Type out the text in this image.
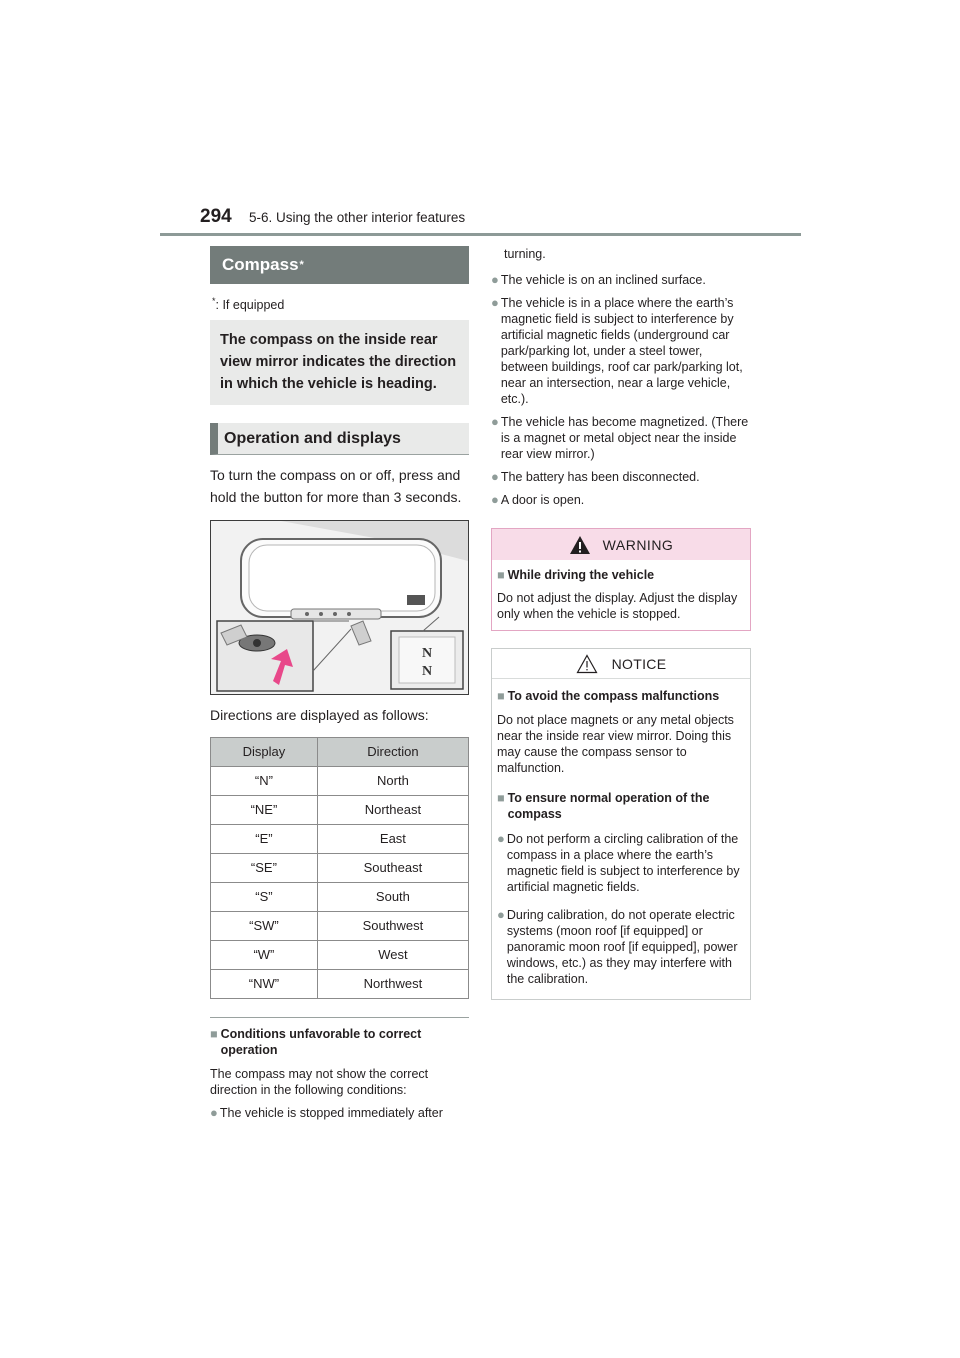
294 5-6. Using the other interior features
Compass *
*: If equipped
The compass on the inside rear view mirror indicates the direction in which the vehicle is heading.
Operation and displays

To turn the compass on or off, press and hold the button for more than 3 seconds.

N
N

Directions are displayed as follows:

Display	Direction
“N”	North
“NE”	Northeast
“E”	East
“SE”	Southeast
“S”	South
“SW”	Southwest
“W”	West
“NW”	Northwest
■ Conditions unfavorable to correct operation

The compass may not show the correct direction in the following conditions:

● The vehicle is stopped immediately after

turning.

● The vehicle is on an inclined surface.
● The vehicle is in a place where the earth’s magnetic field is subject to interference by artificial magnetic fields (underground car park/parking lot, under a steel tower, between buildings, roof car park/parking lot, near an intersection, near a large vehicle, etc.).
● The vehicle has become magnetized. (There is a magnet or metal object near the inside rear view mirror.)
● The battery has been disconnected.
● A door is open.
WARNING
■ While driving the vehicle

Do not adjust the display. Adjust the display only when the vehicle is stopped.

NOTICE
■ To avoid the compass malfunctions

Do not place magnets or any metal objects near the inside rear view mirror. Doing this may cause the compass sensor to malfunction.

■ To ensure normal operation of the compass
● Do not perform a circling calibration of the compass in a place where the earth’s magnetic field is subject to interference by artificial magnetic fields.
● During calibration, do not operate electric systems (moon roof [if equipped] or panoramic moon roof [if equipped], power windows, etc.) as they may interfere with the calibration.
